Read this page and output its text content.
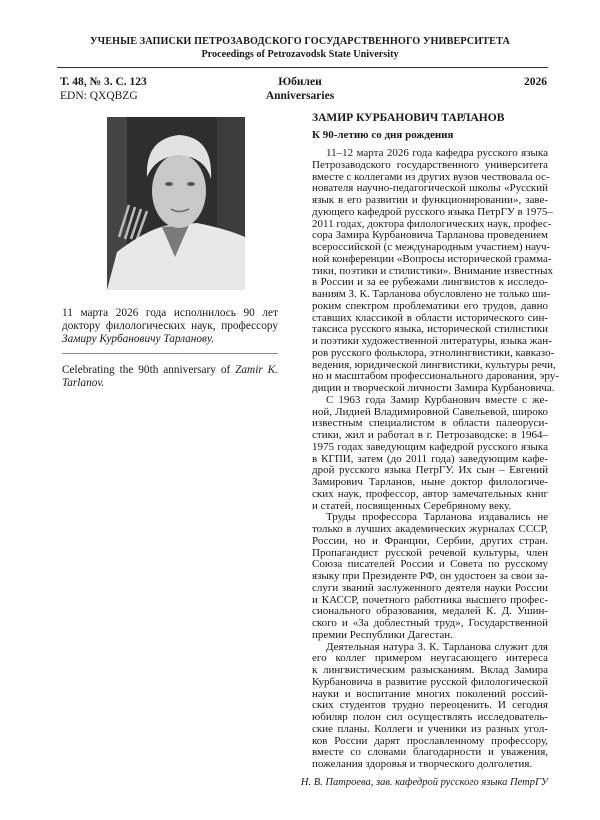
УЧЕНЫЕ ЗАПИСКИ ПЕТРОЗАВОДСКОГО ГОСУДАРСТВЕННОГО УНИВЕРСИТЕТА
Proceedings of Petrozavodsk State University
Т. 48, № 3. С. 123
EDN: QXQBZG
Юбилеи
Anniversaries
2026
11 марта 2026 года исполнилось 90 лет доктору филологических наук, профессору Замиру Курбановичу Тарланову.
Celebrating the 90th anniversary of Zamir K. Tarlanov.
ЗАМИР КУРБАНОВИЧ ТАРЛАНОВ
К 90-летию со дня рождения
11–12 марта 2026 года кафедра русского языка
Петрозаводского государственного университета
вместе с коллегами из других вузов чествовала ос-
нователя научно-педагогической школы «Русский
язык в его развитии и функционировании», заве-
дующего кафедрой русского языка ПетрГУ в 1975–
2011 годах, доктора филологических наук, профес-
сора Замира Курбановича Тарланова проведением
всероссийской (с международным участием) науч-
ной конференции «Вопросы исторической грамма-
тики, поэтики и стилистики». Внимание известных
в России и за ее рубежами лингвистов к исследо-
ваниям З. К. Тарланова обусловлено не только ши-
роким спектром проблематики его трудов, давно
ставших классикой в области исторического син-
таксиса русского языка, исторической стилистики
и поэтики художественной литературы, языка жан-
ров русского фольклора, этнолингвистики, кавказо-
ведения, юридической лингвистики, культуры речи,
но и масштабом профессионального дарования, эру-
диции и творческой личности Замира Курбановича.
С 1963 года Замир Курбанович вместе с же-
ной, Лидией Владимировной Савельевой, широко
известным специалистом в области палеоруси-
стики, жил и работал в г. Петрозаводске: в 1964–
1975 годах заведующим кафедрой русского языка
в КГПИ, затем (до 2011 года) заведующим кафе-
дрой русского языка ПетрГУ. Их сын – Евгений
Замирович Тарланов, ныне доктор филологиче-
ских наук, профессор, автор замечательных книг
и статей, посвященных Серебряному веку.
Труды профессора Тарланова издавались не
только в лучших академических журналах СССР,
России, но и Франции, Сербии, других стран.
Пропагандист русской речевой культуры, член
Союза писателей России и Совета по русскому
языку при Президенте РФ, он удостоен за свои за-
слуги званий заслуженного деятеля науки России
и КАССР, почетного работника высшего профес-
сионального образования, медалей К. Д. Ушин-
ского и «За доблестный труд», Государственной
премии Республики Дагестан.
Деятельная натура З. К. Тарланова служит для
его коллег примером неугасающего интереса
к лингвистическим разысканиям. Вклад Замира
Курбановича в развитие русской филологической
науки и воспитание многих поколений россий-
ских студентов трудно переоценить. И сегодня
юбиляр полон сил осуществлять исследователь-
ские планы. Коллеги и ученики из разных угол-
ков России дарят прославленному профессору,
вместе со словами благодарности и уважения,
пожелания здоровья и творческого долголетия.
Н. В. Патроева, зав. кафедрой русского языка ПетрГУ
